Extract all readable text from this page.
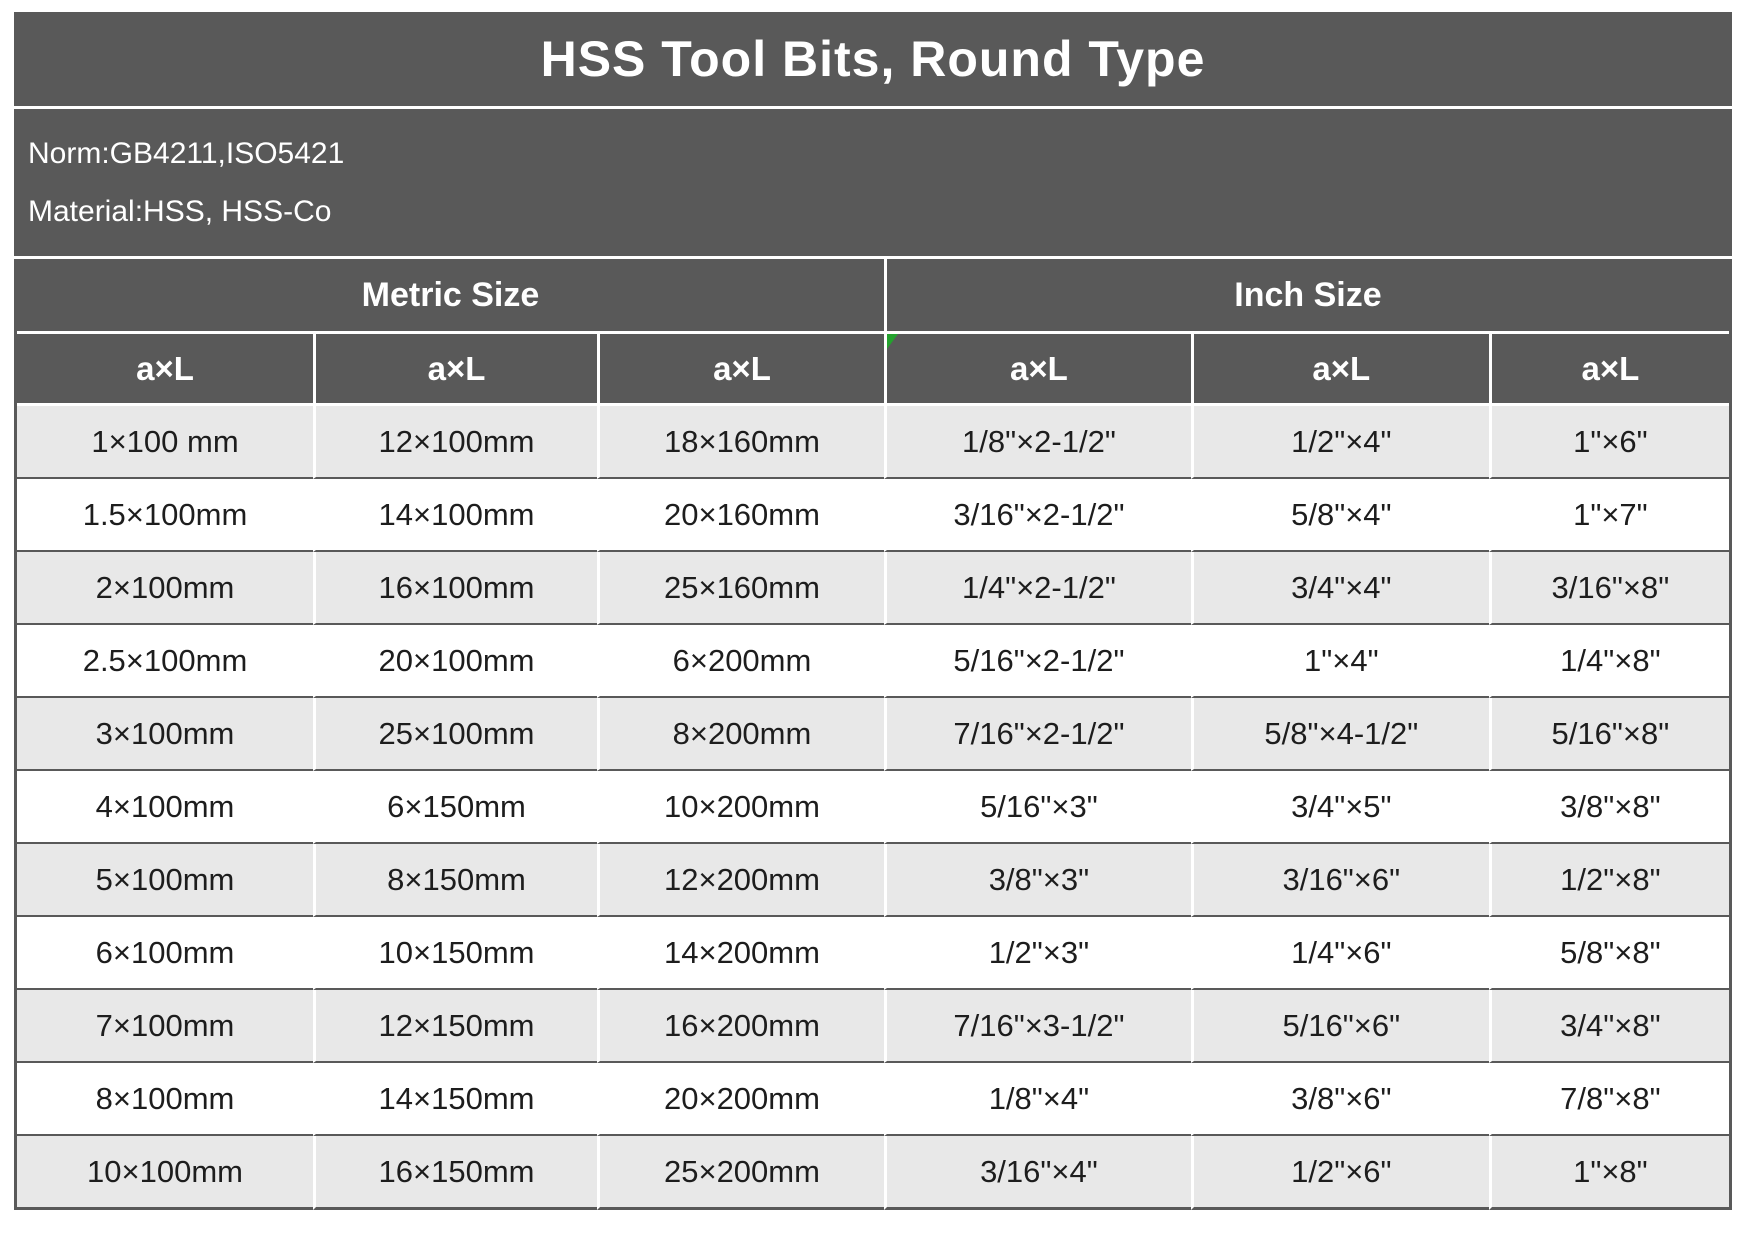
HSS Tool Bits, Round Type
Norm:GB4211,ISO5421
Material:HSS, HSS-Co
Metric Size			Inch Size		
a×L	a×L	a×L	a×L	a×L	a×L
1×100 mm	12×100mm	18×160mm	1/8"×2-1/2"	1/2"×4"	1"×6"
1.5×100mm	14×100mm	20×160mm	3/16"×2-1/2"	5/8"×4"	1"×7"
2×100mm	16×100mm	25×160mm	1/4"×2-1/2"	3/4"×4"	3/16"×8"
2.5×100mm	20×100mm	6×200mm	5/16"×2-1/2"	1"×4"	1/4"×8"
3×100mm	25×100mm	8×200mm	7/16"×2-1/2"	5/8"×4-1/2"	5/16"×8"
4×100mm	6×150mm	10×200mm	5/16"×3"	3/4"×5"	3/8"×8"
5×100mm	8×150mm	12×200mm	3/8"×3"	3/16"×6"	1/2"×8"
6×100mm	10×150mm	14×200mm	1/2"×3"	1/4"×6"	5/8"×8"
7×100mm	12×150mm	16×200mm	7/16"×3-1/2"	5/16"×6"	3/4"×8"
8×100mm	14×150mm	20×200mm	1/8"×4"	3/8"×6"	7/8"×8"
10×100mm	16×150mm	25×200mm	3/16"×4"	1/2"×6"	1"×8"
